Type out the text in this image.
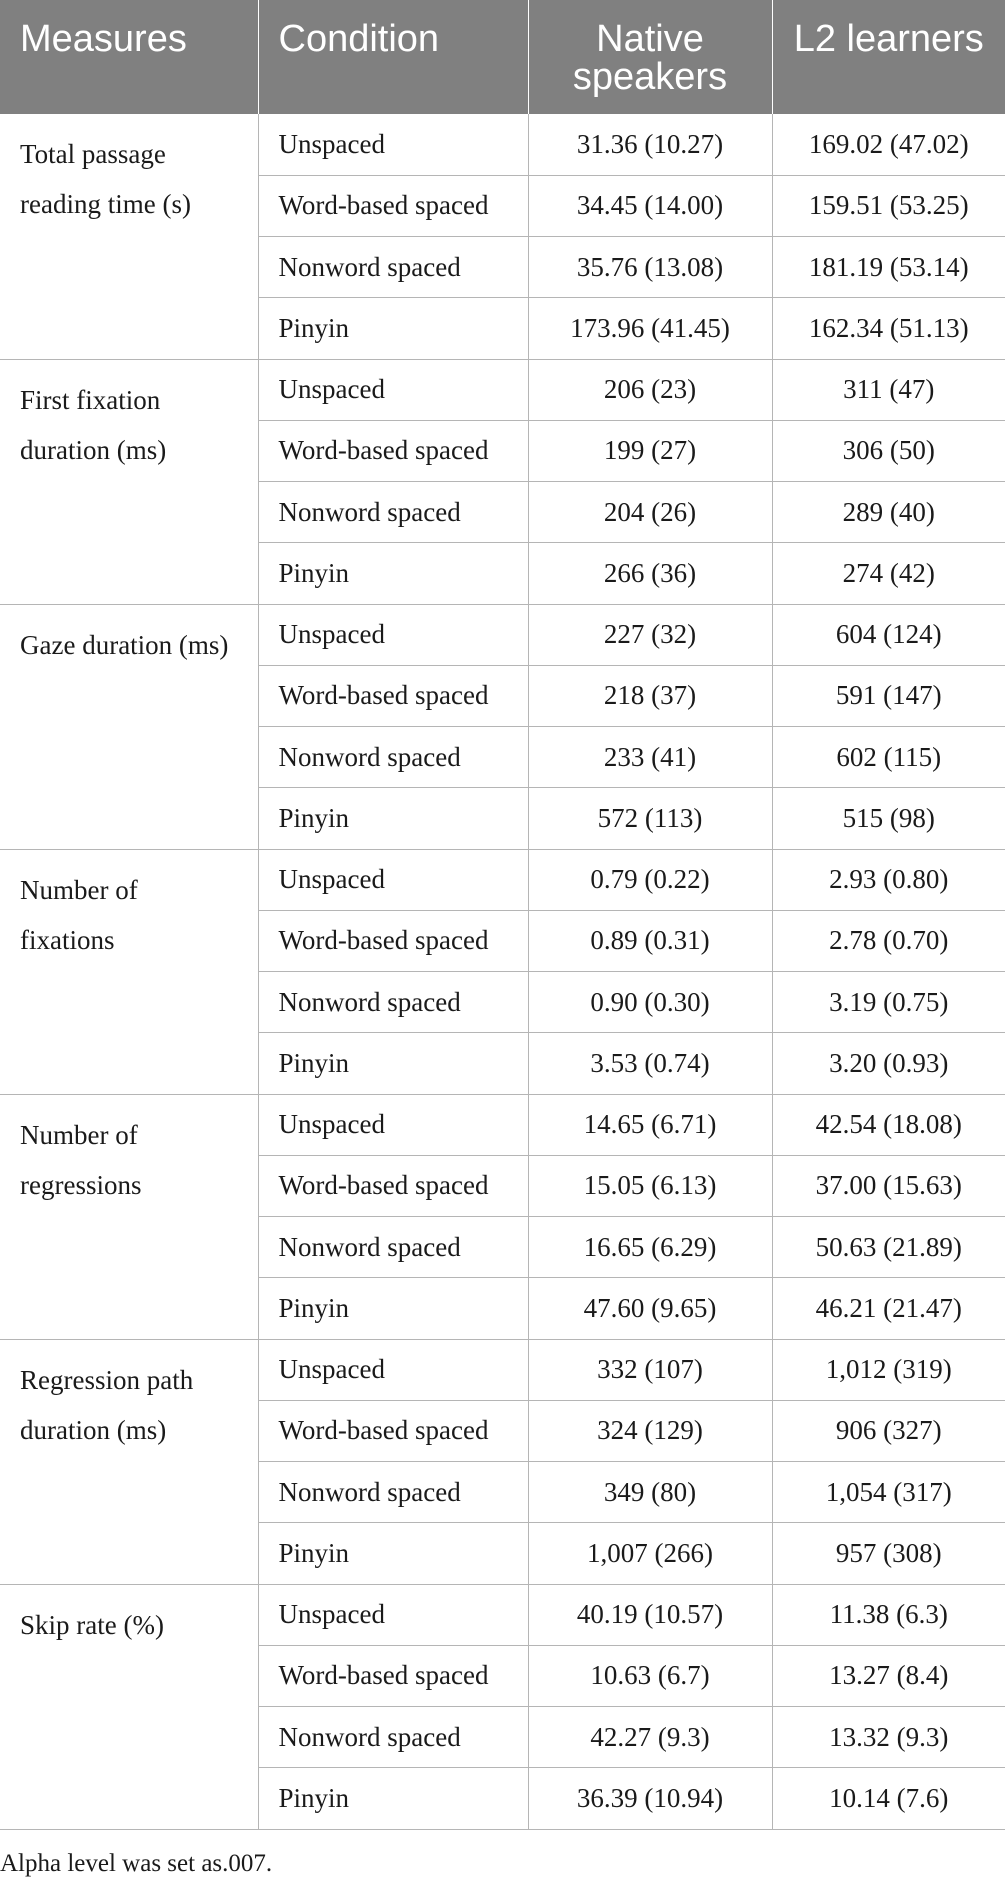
Measures	Condition	Native speakers	L2 learners
Total passage reading time (s)	Unspaced	31.36 (10.27)	169.02 (47.02)
	Word-based spaced	34.45 (14.00)	159.51 (53.25)
	Nonword spaced	35.76 (13.08)	181.19 (53.14)
	Pinyin	173.96 (41.45)	162.34 (51.13)
First fixation duration (ms)	Unspaced	206 (23)	311 (47)
	Word-based spaced	199 (27)	306 (50)
	Nonword spaced	204 (26)	289 (40)
	Pinyin	266 (36)	274 (42)
Gaze duration (ms)	Unspaced	227 (32)	604 (124)
	Word-based spaced	218 (37)	591 (147)
	Nonword spaced	233 (41)	602 (115)
	Pinyin	572 (113)	515 (98)
Number of fixations	Unspaced	0.79 (0.22)	2.93 (0.80)
	Word-based spaced	0.89 (0.31)	2.78 (0.70)
	Nonword spaced	0.90 (0.30)	3.19 (0.75)
	Pinyin	3.53 (0.74)	3.20 (0.93)
Number of regressions	Unspaced	14.65 (6.71)	42.54 (18.08)
	Word-based spaced	15.05 (6.13)	37.00 (15.63)
	Nonword spaced	16.65 (6.29)	50.63 (21.89)
	Pinyin	47.60 (9.65)	46.21 (21.47)
Regression path duration (ms)	Unspaced	332 (107)	1,012 (319)
	Word-based spaced	324 (129)	906 (327)
	Nonword spaced	349 (80)	1,054 (317)
	Pinyin	1,007 (266)	957 (308)
Skip rate (%)	Unspaced	40.19 (10.57)	11.38 (6.3)
	Word-based spaced	10.63 (6.7)	13.27 (8.4)
	Nonword spaced	42.27 (9.3)	13.32 (9.3)
	Pinyin	36.39 (10.94)	10.14 (7.6)
Alpha level was set as.007.
